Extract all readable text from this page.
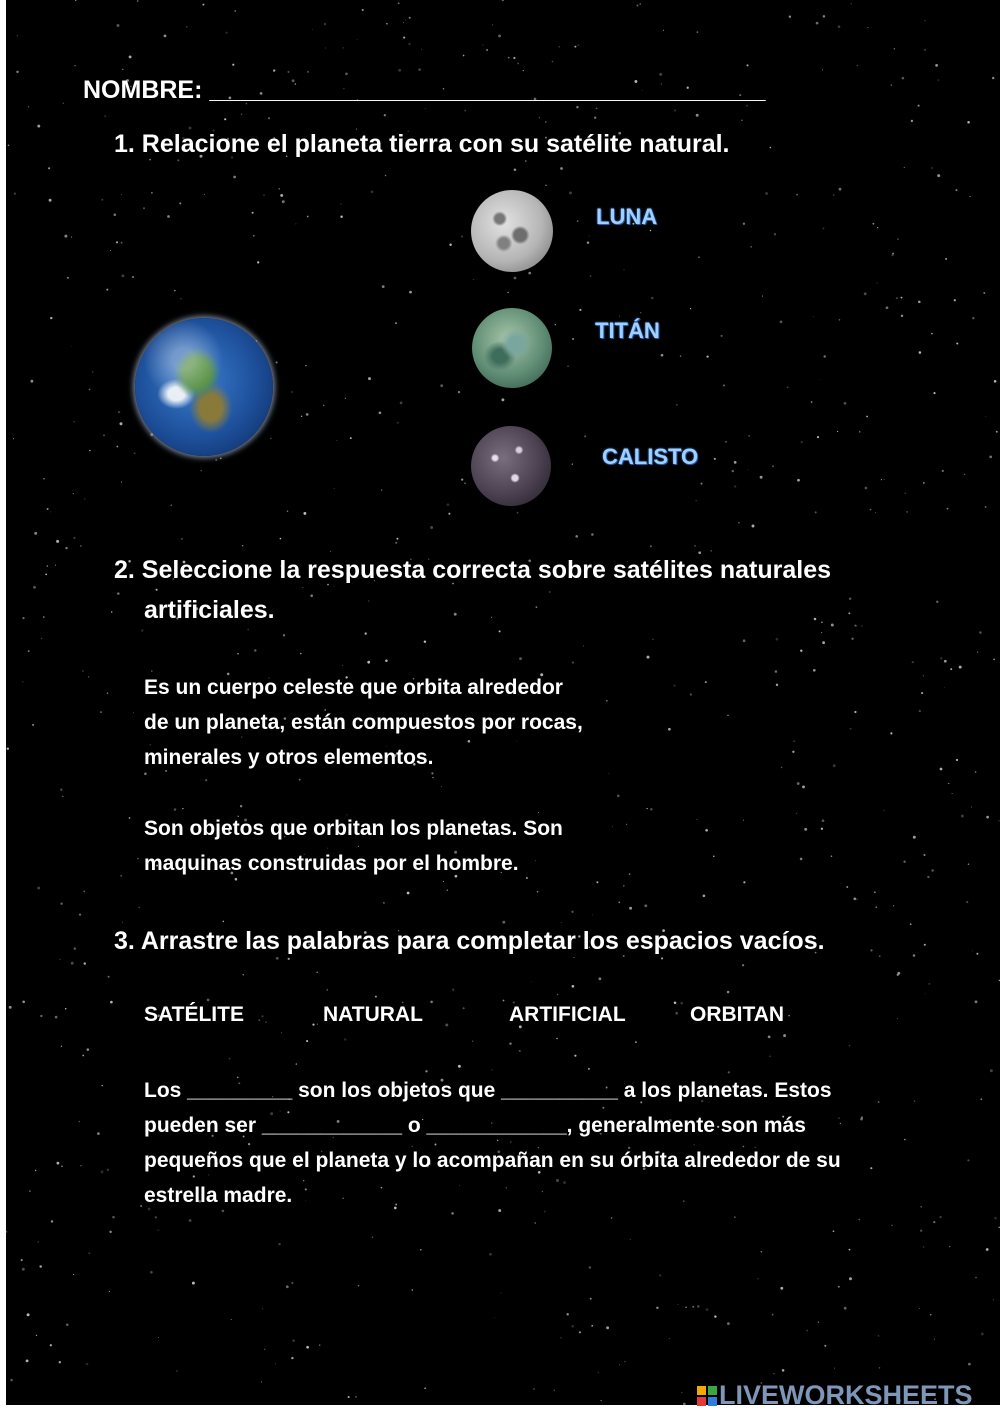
NOMBRE: ________________________________________
1. Relacione el planeta tierra con su satélite natural.
LUNA
TITÁN
CALISTO
2. Seleccione la respuesta correcta sobre satélites naturales
artificiales.
Es un cuerpo celeste que orbita alrededor
de un planeta, están compuestos por rocas,
minerales y otros elementos.
Son objetos que orbitan los planetas. Son
maquinas construidas por el hombre.
3. Arrastre las palabras para completar los espacios vacíos.
SATÉLITE	NATURAL	ARTIFICIAL	ORBITAN
Los _________ son los objetos que __________ a los planetas. Estos
pueden ser ____________ o ____________, generalmente son más
pequeños que el planeta y lo acompañan en su órbita alrededor de su
estrella madre.
LIVEWORKSHEETS
